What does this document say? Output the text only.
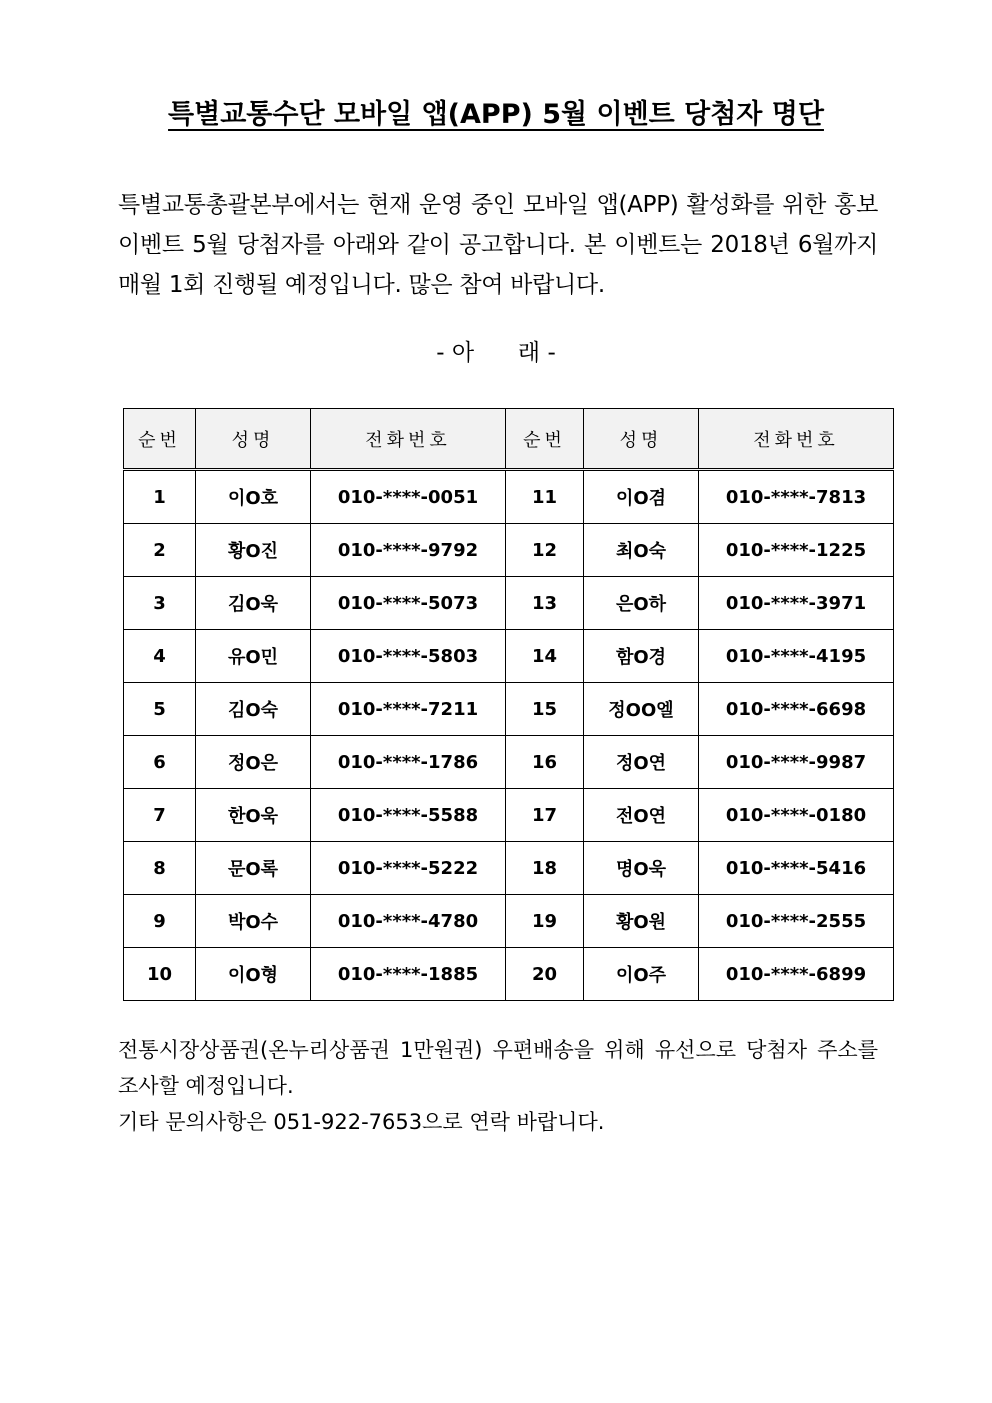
특별교통수단 모바일 앱(APP) 5월 이벤트 당첨자 명단
특별교통총괄본부에서는 현재 운영 중인 모바일 앱(APP) 활성화를 위한 홍보 이벤트 5월 당첨자를 아래와 같이 공고합니다. 본 이벤트는 2018년 6월까지 매월 1회 진행될 예정입니다. 많은 참여 바랍니다.
- 아      래 -
순번	성명	전화번호	순번	성명	전화번호
1	이O호	010-****-0051	11	이O겸	010-****-7813
2	황O진	010-****-9792	12	최O숙	010-****-1225
3	김O욱	010-****-5073	13	은O하	010-****-3971
4	유O민	010-****-5803	14	함O경	010-****-4195
5	김O숙	010-****-7211	15	정OO엘	010-****-6698
6	정O은	010-****-1786	16	정O연	010-****-9987
7	한O욱	010-****-5588	17	전O연	010-****-0180
8	문O록	010-****-5222	18	명O욱	010-****-5416
9	박O수	010-****-4780	19	황O원	010-****-2555
10	이O형	010-****-1885	20	이O주	010-****-6899

전통시장상품권(온누리상품권 1만원권) 우편배송을 위해 유선으로 당첨자 주소를 조사할 예정입니다.

기타 문의사항은 051-922-7653으로 연락 바랍니다.
